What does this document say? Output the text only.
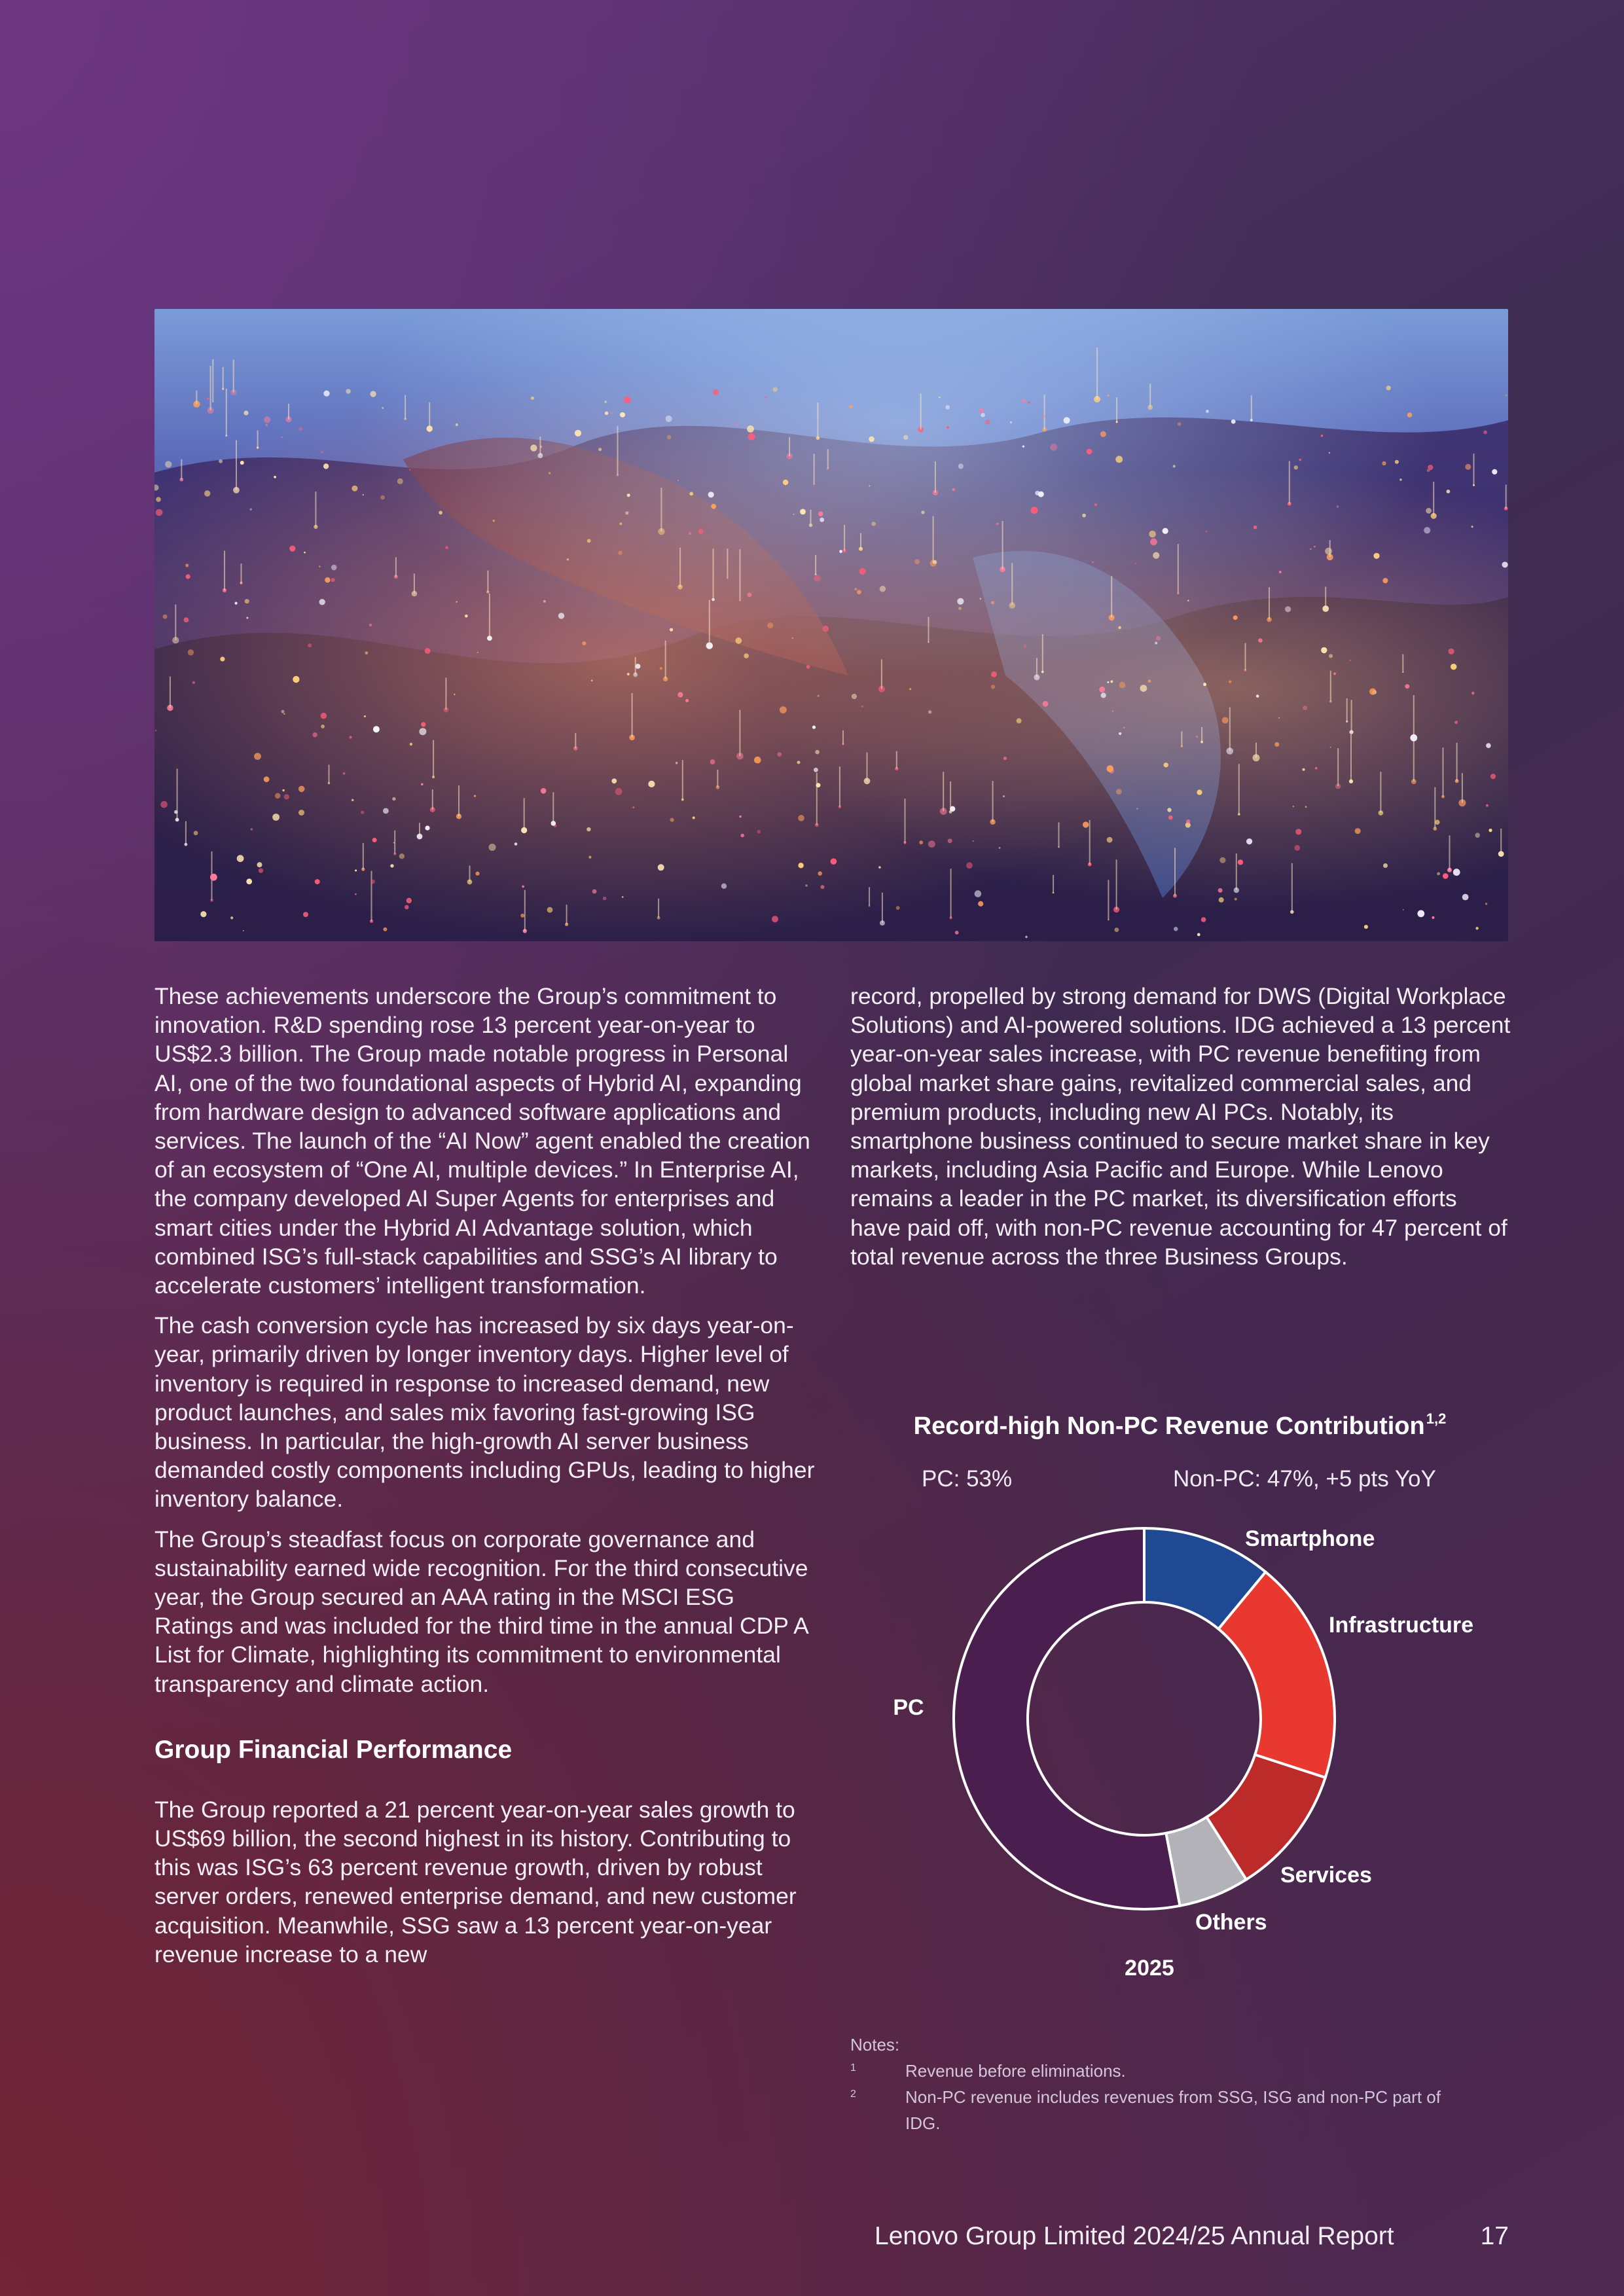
These achievements underscore the Group’s commitment to innovation. R&D spending rose 13 percent year-on-year to US$2.3 billion. The Group made notable progress in Personal AI, one of the two foundational aspects of Hybrid AI, expanding from hardware design to advanced software applications and services. The launch of the “AI Now” agent enabled the creation of an ecosystem of “One AI, multiple devices.” In Enterprise AI, the company developed AI Super Agents for enterprises and smart cities under the Hybrid AI Advantage solution, which combined ISG’s full-stack capabilities and SSG’s AI library to accelerate customers’ intelligent transformation.

The cash conversion cycle has increased by six days year-on-year, primarily driven by longer inventory days. Higher level of inventory is required in response to increased demand, new product launches, and sales mix favoring fast-growing ISG business. In particular, the high-growth AI server business demanded costly components including GPUs, leading to higher inventory balance.

The Group’s steadfast focus on corporate governance and sustainability earned wide recognition. For the third consecutive year, the Group secured an AAA rating in the MSCI ESG Ratings and was included for the third time in the annual CDP A List for Climate, highlighting its commitment to environmental transparency and climate action.

Group Financial Performance

The Group reported a 21 percent year-on-year sales growth to US$69 billion, the second highest in its history. Contributing to this was ISG’s 63 percent revenue growth, driven by robust server orders, renewed enterprise demand, and new customer acquisition. Meanwhile, SSG saw a 13 percent year-on-year revenue increase to a new

record, propelled by strong demand for DWS (Digital Workplace Solutions) and AI-powered solutions. IDG achieved a 13 percent year-on-year sales increase, with PC revenue benefiting from global market share gains, revitalized commercial sales, and premium products, including new AI PCs. Notably, its smartphone business continued to secure market share in key markets, including Asia Pacific and Europe. While Lenovo remains a leader in the PC market, its diversification efforts have paid off, with non-PC revenue accounting for 47 percent of total revenue across the three Business Groups.

Record-high Non-PC Revenue Contribution$^{1,2}$
PC: 53%	Non-PC: 47%, +5 pts YoY
Smartphone
Infrastructure
Services
Others
PC
2025
Notes:
1	Revenue before eliminations.
2	Non-PC revenue includes revenues from SSG, ISG and non-PC part of IDG.
Lenovo Group Limited 2024/25 Annual Report	17
